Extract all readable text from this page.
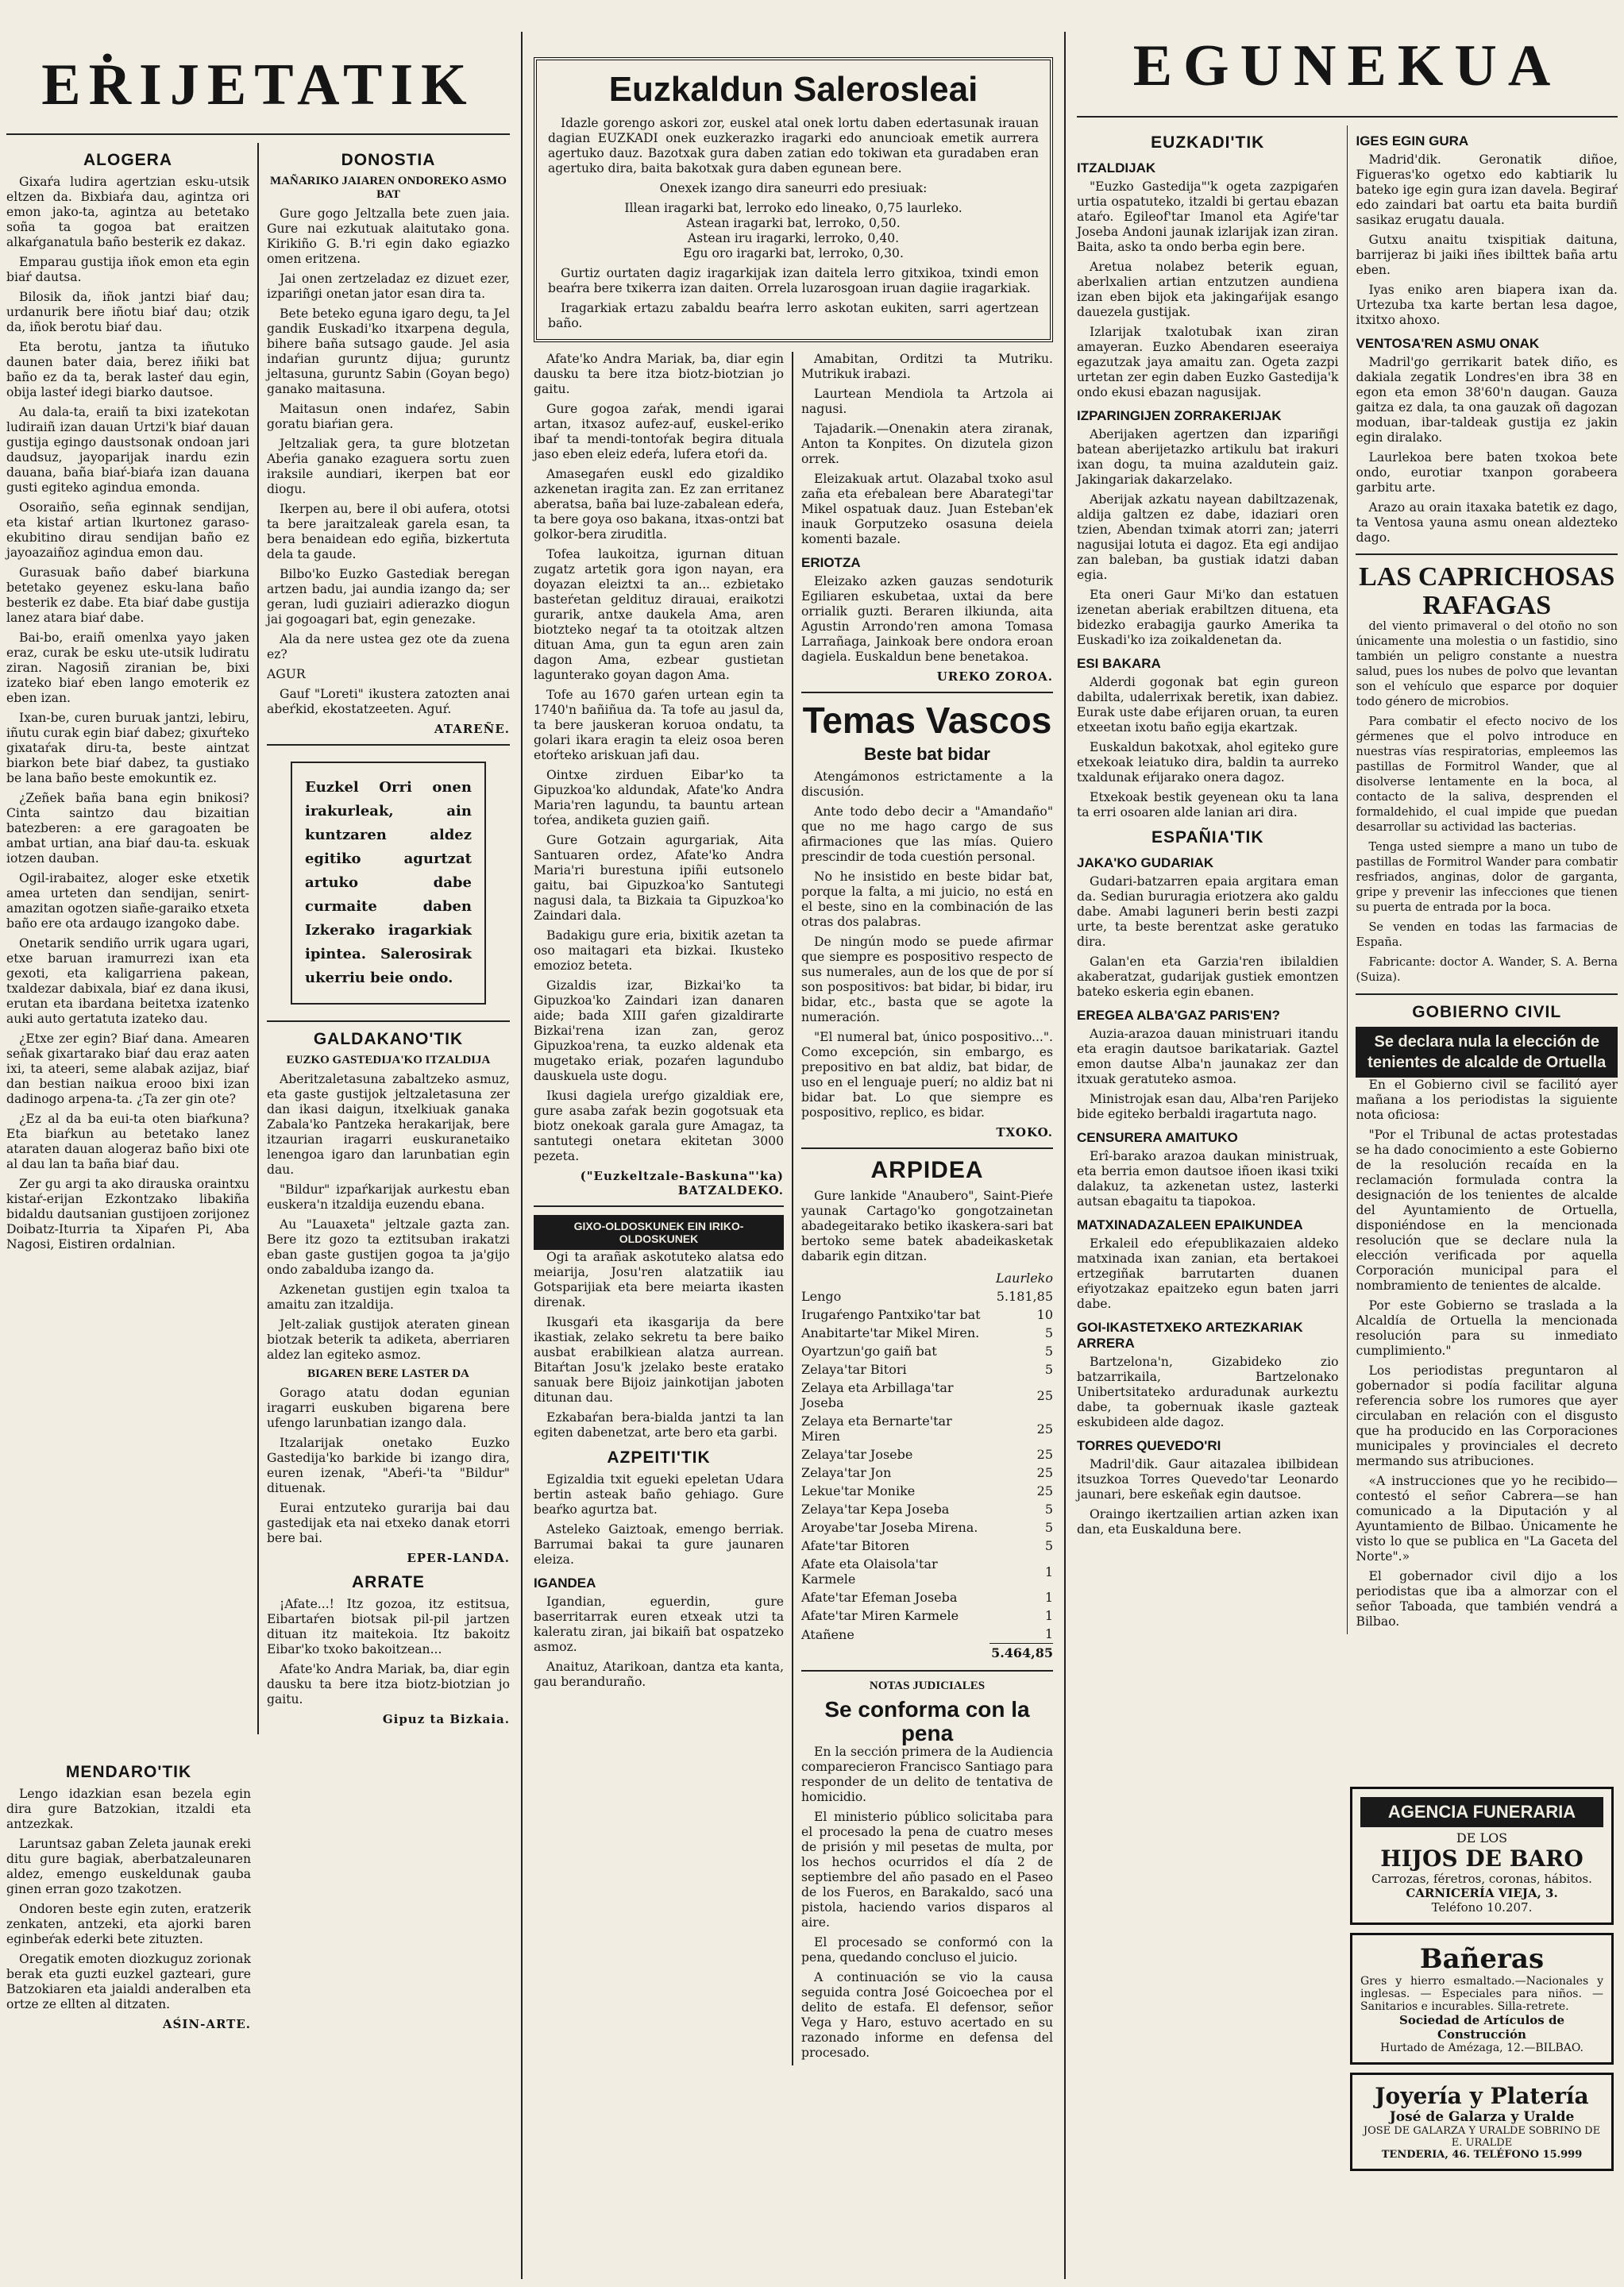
EṘIJETATIK
ALOGERA

Gixaŕa ludira agertzian esku-utsik eltzen da. Bixbiaŕa dau, agintza ori emon jako-ta, agintza au betetako soña ta gogoa bat eraitzen alkaŕganatula baño besterik ez dakaz.

Emparau gustija iñok emon eta egin biaŕ dautsa.

Bilosik da, iñok jantzi biaŕ dau; urdanurik bere iñotu biaŕ dau; otzik da, iñok berotu biaŕ dau.

Eta berotu, jantza ta iñutuko daunen bater daia, berez iñiki bat baño ez da ta, berak lasteŕ dau egin, obija lasteŕ idegi biarko dautsoe.

Au dala-ta, eraiñ ta bixi izatekotan ludiraiñ izan dauan Urtzi'k biaŕ dauan gustija egingo daustsonak ondoan jari daudsuz, jayoparijak inardu ezin dauana, baña biaŕ-biaŕa izan dauana gusti egiteko agindua emonda.

Osoraiño, seña eginnak sendijan, eta kistaŕ artian lkurtonez garaso-ekubitino dirau sendijan baño ez jayoazaiñoz agindua emon dau.

Gurasuak baño dabeŕ biarkuna betetako geyenez esku-lana baño besterik ez dabe. Eta biaŕ dabe gustija lanez atara biaŕ dabe.

Bai-bo, eraiñ omenlxa yayo jaken eraz, curak be esku ute-utsik ludiratu ziran. Nagosiñ ziranian be, bixi izateko biaŕ eben lango emoterik ez eben izan.

Ixan-be, curen buruak jantzi, lebiru, iñutu curak egin biaŕ dabez; gixuŕteko gixataŕak diru-ta, beste aintzat biarkon bete biaŕ dabez, ta gustiako be lana baño beste emokuntik ez.

¿Zeñek baña bana egin bnikosi? Cinta saintzo dau bizaitian batezberen: a ere garagoaten be ambat urtian, ana biaŕ dau-ta. eskuak iotzen dauban.

Ogil-irabaitez, aloger eske etxetik amea urteten dan sendijan, senirt-amazitan ogotzen siañe-garaiko etxeta baño ere ota ardaugo izangoko dabe.

Onetarik sendiño urrik ugara ugari, etxe baruan iramurrezi ixan eta gexoti, eta kaligarriena pakean, txaldezar dabixala, biaŕ ez dana ikusi, erutan eta ibardana beitetxa izatenko auki auto gertatuta izateko dau.

¿Etxe zer egin? Biaŕ dana. Amearen señak gixartarako biaŕ dau eraz aaten ixi, ta ateeri, seme alabak azijaz, biaŕ dan bestian naikua erooo bixi izan dadinogo arpena-ta. ¿Ta zer gin ote?

¿Ez al da ba eui-ta oten biaŕkuna? Eta biaŕkun au betetako lanez ataraten dauan alogeraz baño bixi ote al dau lan ta baña biaŕ dau.

Zer gu argi ta ako dirauska oraintxu kistaŕ-erijan Ezkontzako libakiña bidaldu dautsanian gustijoen zorijonez Doibatz-Iturria ta Xipaŕen Pi, Aba Nagosi, Eistiren ordalnian.

DONOSTIA
MAÑARIKO JAIAREN ONDOREKO ASMO BAT

Gure gogo Jeltzalla bete zuen jaia. Gure nai ezkutuak alaitutako gona. Kirikiño G. B.'ri egin dako egiazko omen eritzena.

Jai onen zertzeladaz ez dizuet ezer, izpariñgi onetan jator esan dira ta.

Bete beteko eguna igaro degu, ta Jel gandik Euskadi'ko itxarpena degula, bihere baña sutsago gaude. Jel asia indaŕian guruntz dijua; guruntz jeltasuna, guruntz Sabin (Goyan bego) ganako maitasuna.

Maitasun onen indaŕez, Sabin goratu biaŕian gera.

Jeltzaliak gera, ta gure blotzetan Abeŕia ganako ezaguera sortu zuen iraksile aundiari, ikerpen bat eor diogu.

Ikerpen au, bere il obi aufera, ototsi ta bere jaraitzaleak garela esan, ta bera benaidean edo egiña, bizkertuta dela ta gaude.

Bilbo'ko Euzko Gastediak beregan artzen badu, jai aundia izango da; ser geran, ludi guziairi adierazko diogun jai gogoagari bat, egin genezake.

Ala da nere ustea gez ote da zuena ez?

AGUR

Gauf "Loreti" ikustera zatozten anai abeŕkid, ekostatzeeten. Aguŕ.

ATAREÑE.
Euzkel Orri onen irakurleak, ain kuntzaren aldez egitiko agurtzat artuko dabe curmaite daben Izkerako iragarkiak ipintea. Salerosirak ukerriu beie ondo.
GALDAKANO'TIK
EUZKO GASTEDIJA'KO ITZALDIJA

Aberitzaletasuna zabaltzeko asmuz, eta gaste gustijok jeltzaletasuna zer dan ikasi daigun, itxelkiuak ganaka Zabala'ko Pantzeka herakarijak, bere itzaurian iragarri euskuranetaiko lenengoa igaro dan larunbatian egin dau.

"Bildur" izpaŕkarijak aurkestu eban euskera'n itzaldija euzendu ebana.

Au "Lauaxeta" jeltzale gazta zan. Bere itz gozo ta eztitsuban irakatzi eban gaste gustijen gogoa ta ja'gijo ondo zabalduba izango da.

Azkenetan gustijen egin txaloa ta amaitu zan itzaldija.

Jelt-zaliak gustijok ateraten ginean biotzak beterik ta adiketa, aberriaren aldez lan egiteko asmoz.

BIGAREN BERE LASTER DA

Gorago atatu dodan egunian iragarri euskuben bigarena bere ufengo larunbatian izango dala.

Itzalarijak onetako Euzko Gastedija'ko barkide bi izango dira, euren izenak, "Abeŕi-'ta "Bildur" dituenak.

Eurai entzuteko gurarija bai dau gastedijak eta nai etxeko danak etorri bere bai.

EPER-LANDA.
ARRATE

¡Afate...! Itz gozoa, itz estitsua, Eibartaŕen biotsak pil-pil jartzen dituan itz maitekoia. Itz bakoitz Eibar'ko txoko bakoitzean...

Afate'ko Andra Mariak, ba, diar egin dausku ta bere itza biotz-biotzian jo gaitu.

Gipuz ta Bizkaia.
MENDARO'TIK

Lengo idazkian esan bezela egin dira gure Batzokian, itzaldi eta antzezkak.

Laruntsaz gaban Zeleta jaunak ereki ditu gure bagiak, aberbatzaleunaren aldez, emengo euskeldunak gauba ginen erran gozo tzakotzen.

Ondoren beste egin zuten, eratzerik zenkaten, antzeki, eta ajorki baren eginbeŕak ederki bete zituzten.

Oregatik emoten diozkuguz zorionak berak eta guzti euzkel gazteari, gure Batzokiaren eta jaialdi anderalben eta ortze ze ellten al ditzaten.

AŚIN-ARTE.
Euzkaldun Salerosleai

Idazle gorengo askori zor, euskel atal onek lortu daben edertasunak irauan dagian EUZKADI onek euzkerazko iragarki edo anuncioak emetik aurrera agertuko dauz. Bazotxak gura daben zatian edo tokiwan eta guradaben eran agertuko dira, baita bakotxak gura daben egunean bere.

Onexek izango dira saneurri edo presiuak:

Illean iragarki bat, lerroko edo lineako, 0,75 laurleko.

Astean iragarki bat, lerroko, 0,50.

Astean iru iragarki, lerroko, 0,40.

Egu oro iragarki bat, lerroko, 0,30.

Gurtiz ourtaten dagiz iragarkijak izan daitela lerro gitxikoa, txindi emon beaŕra bere txikerra izan daiten. Orrela luzarosgoan iruan dagiie iragarkiak.

Iragarkiak ertazu zabaldu beaŕra lerro askotan eukiten, sarri agertzean baño.

Afate'ko Andra Mariak, ba, diar egin dausku ta bere itza biotz-biotzian jo gaitu.

Gure gogoa zaŕak, mendi igarai artan, itxasoz aufez-auf, euskel-eriko ibaŕ ta mendi-tontoŕak begira dituala jaso eben eleiz edeŕa, lufera etoŕi da.

Amasegaŕen euskl edo gizaldiko azkenetan iragita zan. Ez zan erritanez aberatsa, baña bai luze-zabalean edeŕa, ta bere goya oso bakana, itxas-ontzi bat golkor-bera ziruditla.

Tofea laukoitza, igurnan dituan zugatz artetik gora igon nayan, era doyazan eleiztxi ta an... ezbietako basteŕetan geldituz dirauai, eraikotzi gurarik, antxe daukela Ama, aren biotzteko negaŕ ta ta otoitzak altzen dituan Ama, gun ta egun aren zain dagon Ama, ezbear gustietan lagunterako goyan dagon Ama.

Tofe au 1670 gaŕen urtean egin ta 1740'n bañiñua da. Ta tofe au jasul da, ta bere jauskeran koruoa ondatu, ta golari ikara eragin ta eleiz osoa beren etoŕteko ariskuan jafi dau.

Ointxe zirduen Eibar'ko ta Gipuzkoa'ko aldundak, Afate'ko Andra Maria'ren lagundu, ta bauntu artean toŕea, andiketa guzien gaiñ.

Gure Gotzain agurgariak, Aita Santuaren ordez, Afate'ko Andra Maria'ri burestuna ipiñi eutsonelo gaitu, bai Gipuzkoa'ko Santutegi nagusi dala, ta Bizkaia ta Gipuzkoa'ko Zaindari dala.

Badakigu gure eria, bixitik azetan ta oso maitagari eta bizkai. Ikusteko emozioz beteta.

Gizaldis izar, Bizkai'ko ta Gipuzkoa'ko Zaindari izan danaren aide; bada XIII gaŕen gizaldirarte Bizkai'rena izan zan, geroz Gipuzkoa'rena, ta euzko aldenak eta mugetako eriak, pozaŕen lagundubo dauskuela uste dogu.

Ikusi dagiela ureŕgo gizaldiak ere, gure asaba zaŕak bezin gogotsuak eta biotz onekoak garala gure Amagaz, ta santutegi onetara ekitetan 3000 pezeta.

("Euzkeltzale-Baskuna"'ka) BATZALDEKO.
GIXO-OLDOSKUNEK EIN IRIKO-OLDOSKUNEK

Ogi ta arañak askotuteko alatsa edo meiarija, Josu'ren alatzatiik iau Gotsparijiak eta bere meiarta ikasten direnak.

Ikusgaŕi eta ikasgarija da bere ikastiak, zelako sekretu ta bere baiko ausbat erabilkiean alatza aurrean. Bitaŕtan Josu'k jzelako beste eratako sanuak bere Bijoiz jainkotijan jaboten ditunan dau.

Ezkabaŕan bera-bialda jantzi ta lan egiten dabenetzat, arte bero eta garbi.

AZPEITI'TIK

Egizaldia txit egueki epeletan Udara bertin asteak baño gehiago. Gure beaŕko agurtza bat.

Asteleko Gaiztoak, emengo berriak. Barrumai bakai ta gure jaunaren eleiza.

IGANDEA

Igandian, eguerdin, gure baserritarrak euren etxeak utzi ta kaleratu ziran, jai bikaiñ bat ospatzeko asmoz.

Anaituz, Atarikoan, dantza eta kanta, gau beranduraño.

Amabitan, Orditzi ta Mutriku. Mutrikuk irabazi.

Laurtean Mendiola ta Artzola ai nagusi.

Tajadarik.—Onenakin atera ziranak, Anton ta Konpites. On dizutela gizon orrek.

Eleizakuak artut. Olazabal txoko asul zaña eta eŕebalean bere Abarategi'tar Mikel ospatuak dauz. Juan Esteban'ek inauk Gorputzeko osasuna deiela komenti bazale.

ERIOTZA

Eleizako azken gauzas sendoturik Egiliaren eskubetaa, uxtai da bere orrialik guzti. Beraren ilkiunda, aita Agustin Arrondo'ren amona Tomasa Larrañaga, Jainkoak bere ondora eroan dagiela. Euskaldun bene benetakoa.

UREKO ZOROA.
Temas Vascos
Beste bat bidar

Atengámonos estrictamente a la discusión.

Ante todo debo decir a "Amandaño" que no me hago cargo de sus afirmaciones que las mías. Quiero prescindir de toda cuestión personal.

No he insistido en beste bidar bat, porque la falta, a mi juicio, no está en el beste, sino en la combinación de las otras dos palabras.

De ningún modo se puede afirmar que siempre es pospositivo respecto de sus numerales, aun de los que de por sí son pospositivos: bat bidar, bi bidar, iru bidar, etc., basta que se agote la numeración.

"El numeral bat, único pospositivo...". Como excepción, sin embargo, es prepositivo en bat aldiz, bat bidar, de uso en el lenguaje puerí; no aldiz bat ni bidar bat. Lo que siempre es pospositivo, replico, es bidar.

TXOKO.
ARPIDEA

Gure lankide "Anaubero", Saint-Pieŕe yaunak Cartago'ko gongotzainetan abadegeitarako betiko ikaskera-sari bat bertoko seme batek abadeikasketak dabarik egin ditzan.

	Laurleko
Lengo	5.181,85
Irugaŕengo Pantxiko'tar bat	10
Anabitarte'tar Mikel Miren.	5
Oyartzun'go gaiñ bat	5
Zelaya'tar Bitori	5
Zelaya eta Arbillaga'tar Joseba	25
Zelaya eta Bernarte'tar Miren	25
Zelaya'tar Josebe	25
Zelaya'tar Jon	25
Lekue'tar Monike	25
Zelaya'tar Kepa Joseba	5
Aroyabe'tar Joseba Mirena.	5
Afate'tar Bitoren	5
Afate eta Olaisola'tar Karmele	1
Afate'tar Efeman Joseba	1
Afate'tar Miren Karmele	1
Atañene	1
	5.464,85
NOTAS JUDICIALES
Se conforma con la pena

En la sección primera de la Audiencia comparecieron Francisco Santiago para responder de un delito de tentativa de homicidio.

El ministerio público solicitaba para el procesado la pena de cuatro meses de prisión y mil pesetas de multa, por los hechos ocurridos el día 2 de septiembre del año pasado en el Paseo de los Fueros, en Barakaldo, sacó una pistola, haciendo varios disparos al aire.

El procesado se conformó con la pena, quedando concluso el juicio.

A continuación se vio la causa seguida contra José Goicoechea por el delito de estafa. El defensor, señor Vega y Haro, estuvo acertado en su razonado informe en defensa del procesado.

EGUNEKUA
EUZKADI'TIK
ITZALDIJAK

"Euzko Gastedija"'k ogeta zazpigaŕen urtia ospatuteko, itzaldi bi gertau ebazan ataŕo. Egileof'tar Imanol eta Agiŕe'tar Joseba Andoni jaunak izlarijak izan ziran. Baita, asko ta ondo berba egin bere.

Aretua nolabez beterik eguan, aberlxalien artian entzutzen aundiena izan eben bijok eta jakingaŕijak esango dauezela gustijak.

Izlarijak txalotubak ixan ziran amayeran. Euzko Abendaren eseeraiya egazutzak jaya amaitu zan. Ogeta zazpi urtetan zer egin daben Euzko Gastedija'k ondo ekusi ebazan nagusijak.

IZPARINGIJEN ZORRAKERIJAK

Aberijaken agertzen dan izpariñgi batean aberijetazko artikulu bat irakuri ixan dogu, ta muina azaldutein gaiz. Jakingariak dakarzelako.

Aberijak azkatu nayean dabiltzazenak, aldija galtzen ez dabe, idaziari oren tzien, Abendan tximak atorri zan; jaterri nagusijai lotuta ei dagoz. Eta egi andijao zan baleban, ba gustiak idatzi daban egia.

Eta oneri Gaur Mi'ko dan estatuen izenetan aberiak erabiltzen dituena, eta bidezko erabagija gaurko Amerika ta Euskadi'ko iza zoikaldenetan da.

ESI BAKARA

Alderdi gogonak bat egin gureon dabilta, udalerrixak beretik, ixan dabiez. Eurak uste dabe eŕijaren oruan, ta euren etxeetan ixotu baño egija ekartzak.

Euskaldun bakotxak, ahol egiteko gure etxekoak leiatuko dira, baldin ta aurreko txaldunak eŕijarako onera dagoz.

Etxekoak bestik geyenean oku ta lana ta erri osoaren alde lanian ari dira.

ESPAÑIA'TIK
JAKA'KO GUDARIAK

Gudari-batzarren epaia argitara eman da. Sedian bururagia eriotzera ako galdu dabe. Amabi laguneri berin besti zazpi urte, ta beste berentzat aske geratuko dira.

Galan'en eta Garzia'ren ibilaldien akaberatzat, gudarijak gustiek emontzen bateko eskeria egin ebanen.

EREGEA ALBA'GAZ PARIS'EN?

Auzia-arazoa dauan ministruari itandu eta eragin dautsoe barikatariak. Gaztel emon dautse Alba'n jaunakaz zer dan itxuak geratuteko asmoa.

Ministrojak esan dau, Alba'ren Parijeko bide egiteko berbaldi iragartuta nago.

CENSURERA AMAITUKO

Erî-barako arazoa daukan ministruak, eta berria emon dautsoe iñoen ikasi txiki dalakuz, ta azkenetan ustez, lasterki autsan ebagaitu ta tiapokoa.

MATXINADAZALEEN EPAIKUNDEA

Erkaleil edo eŕepublikazaien aldeko matxinada ixan zanian, eta bertakoei ertzegiñak barrutarten duanen eŕiyotzakaz epaitzeko egun baten jarri dabe.

GOI-IKASTETXEKO ARTEZKARIAK ARRERA

Bartzelona'n, Gizabideko zio batzarrikaila, Bartzelonako Unibertsitateko arduradunak aurkeztu dabe, ta gobernuak ikasle gazteak eskubideen alde dagoz.

TORRES QUEVEDO'RI

Madril'dik. Gaur aitazalea ibilbidean itsuzkoa Torres Quevedo'tar Leonardo jaunari, bere eskeñak egin dautsoe.

Oraingo ikertzailien artian azken ixan dan, eta Euskalduna bere.

IGES EGIN GURA

Madrid'dik. Geronatik diñoe, Figueras'ko ogetxo edo kabtiarik lu bateko ige egin gura izan davela. Begiraŕ edo zaindari bat oartu eta baita burdiñ sasikaz erugatu dauala.

Gutxu anaitu txispitiak daituna, barrijeraz bi jaiki iñes ibilttek baña artu eben.

Iyas eniko aren biapera ixan da. Urtezuba txa karte bertan lesa dagoe, itxitxo ahoxo.

VENTOSA'REN ASMU ONAK

Madril'go gerrikarit batek diño, es dakiala zegatik Londres'en ibra 38 en egon eta emon 38'60'n daugan. Gauza gaitza ez dala, ta ona gauzak oñ dagozan moduan, ibar-taldeak gustija ez jakin egin diralako.

Laurlekoa bere baten txokoa bete ondo, eurotiar txanpon gorabeera garbitu arte.

Arazo au orain itaxaka batetik ez dago, ta Ventosa yauna asmu onean aldezteko dago.

LAS CAPRICHOSAS RAFAGAS

del viento primaveral o del otoño no son únicamente una molestia o un fastidio, sino también un peligro constante a nuestra salud, pues los nubes de polvo que levantan son el vehículo que esparce por doquier todo género de microbios.

Para combatir el efecto nocivo de los gérmenes que el polvo introduce en nuestras vías respiratorias, empleemos las pastillas de Formitrol Wander, que al disolverse lentamente en la boca, al contacto de la saliva, desprenden el formaldehido, el cual impide que puedan desarrollar su actividad las bacterias.

Tenga usted siempre a mano un tubo de pastillas de Formitrol Wander para combatir resfriados, anginas, dolor de garganta, gripe y prevenir las infecciones que tienen su puerta de entrada por la boca.

Se venden en todas las farmacias de España.

Fabricante: doctor A. Wander, S. A. Berna (Suiza).

GOBIERNO CIVIL
Se declara nula la elección de tenientes de alcalde de Ortuella

En el Gobierno civil se facilitó ayer mañana a los periodistas la siguiente nota oficiosa:

"Por el Tribunal de actas protestadas se ha dado conocimiento a este Gobierno de la resolución recaída en la reclamación formulada contra la designación de los tenientes de alcalde del Ayuntamiento de Ortuella, disponiéndose en la mencionada resolución que se declare nula la elección verificada por aquella Corporación municipal para el nombramiento de tenientes de alcalde.

Por este Gobierno se traslada a la Alcaldía de Ortuella la mencionada resolución para su inmediato cumplimiento."

Los periodistas preguntaron al gobernador si podía facilitar alguna referencia sobre los rumores que ayer circulaban en relación con el disgusto que ha producido en las Corporaciones municipales y provinciales el decreto mermando sus atribuciones.

«A instrucciones que yo he recibido—contestó el señor Cabrera—se han comunicado a la Diputación y al Ayuntamiento de Bilbao. Únicamente he visto lo que se publica en "La Gaceta del Norte".»

El gobernador civil dijo a los periodistas que iba a almorzar con el señor Taboada, que también vendrá a Bilbao.

AGENCIA FUNERARIA
DE LOS
HIJOS DE BARO
Carrozas, féretros, coronas, hábitos.
CARNICERÍA VIEJA, 3.
Teléfono 10.207.
Bañeras
Gres y hierro esmaltado.—Nacionales y inglesas. — Especiales para niños. — Sanitarios e incurables. Silla-retrete.
Sociedad de Artículos de Construcción
Hurtado de Amézaga, 12.—BILBAO.
Joyería y Platería
José de Galarza y Uralde
JOSE DE GALARZA Y URALDE SOBRINO DE E. URALDE
TENDERIA, 46. TELÉFONO 15.999
